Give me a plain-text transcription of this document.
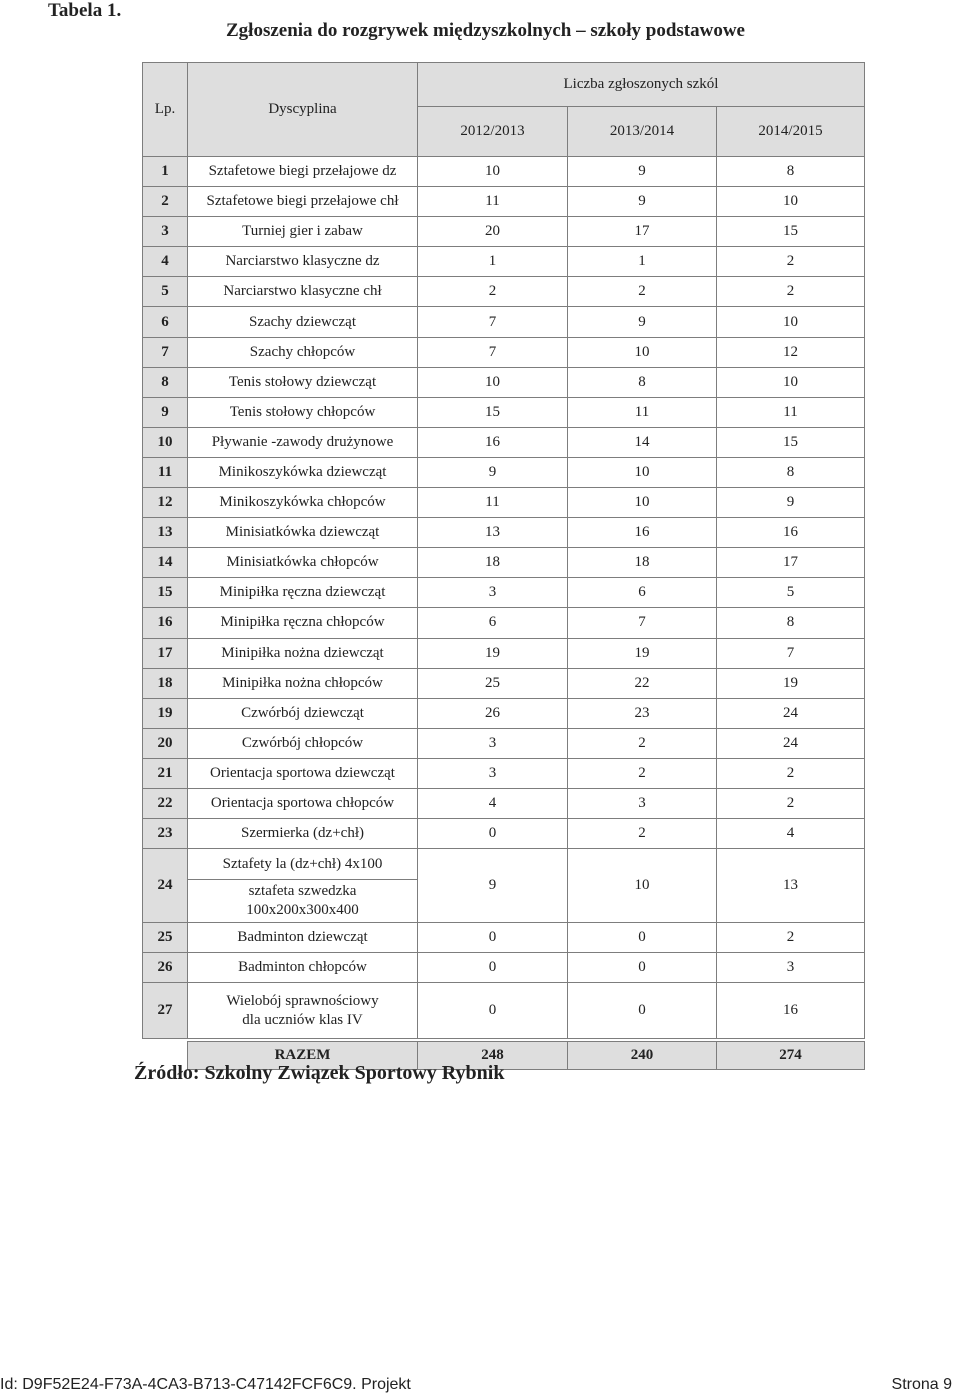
Tabela 1.
Zgłoszenia do rozgrywek międzyszkolnych – szkoły podstawowe
Lp.	Dyscyplina	Liczba zgłoszonych szkól		
		2012/2013	2013/2014	2014/2015
1	Sztafetowe biegi przełajowe dz	10	9	8
2	Sztafetowe biegi przełajowe chł	11	9	10
3	Turniej gier i zabaw	20	17	15
4	Narciarstwo klasyczne dz	1	1	2
5	Narciarstwo klasyczne chł	2	2	2
6	Szachy dziewcząt	7	9	10
7	Szachy chłopców	7	10	12
8	Tenis stołowy dziewcząt	10	8	10
9	Tenis stołowy chłopców	15	11	11
10	Pływanie -zawody drużynowe	16	14	15
11	Minikoszykówka dziewcząt	9	10	8
12	Minikoszykówka chłopców	11	10	9
13	Minisiatkówka dziewcząt	13	16	16
14	Minisiatkówka chłopców	18	18	17
15	Minipiłka ręczna dziewcząt	3	6	5
16	Minipiłka ręczna chłopców	6	7	8
17	Minipiłka nożna dziewcząt	19	19	7
18	Minipiłka nożna chłopców	25	22	19
19	Czwórbój dziewcząt	26	23	24
20	Czwórbój chłopców	3	2	24
21	Orientacja sportowa dziewcząt	3	2	2
22	Orientacja sportowa chłopców	4	3	2
23	Szermierka (dz+chł)	0	2	4
24	Sztafety la (dz+chł) 4x100
sztafeta szwedzka
100x200x300x400	9	10	13
25	Badminton dziewcząt	0	0	2
26	Badminton chłopców	0	0	3
27	Wielobój sprawnościowy
dla uczniów klas IV	0	0	16

	RAZEM	248	240	274
Źródło: Szkolny Związek Sportowy Rybnik
Id: D9F52E24-F73A-4CA3-B713-C47142FCF6C9. Projekt	Strona 9
